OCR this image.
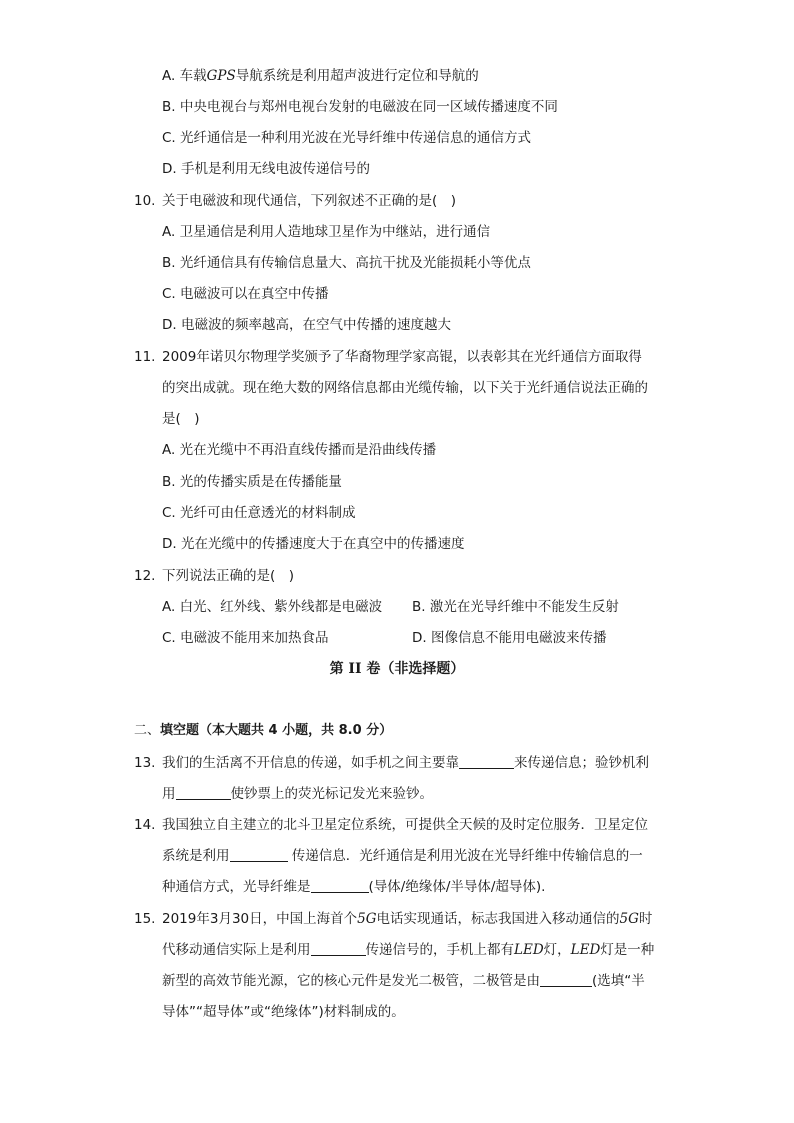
A. 车载GPS导航系统是利用超声波进行定位和导航的
B. 中央电视台与郑州电视台发射的电磁波在同一区域传播速度不同
C. 光纤通信是一种利用光波在光导纤维中传递信息的通信方式
D. 手机是利用无线电波传递信号的
10. 关于电磁波和现代通信，下列叙述不正确的是(　)
A. 卫星通信是利用人造地球卫星作为中继站，进行通信
B. 光纤通信具有传输信息量大、高抗干扰及光能损耗小等优点
C. 电磁波可以在真空中传播
D. 电磁波的频率越高，在空气中传播的速度越大
11. 2009年诺贝尔物理学奖颁予了华裔物理学家高锟，以表彰其在光纤通信方面取得
的突出成就。现在绝大数的网络信息都由光缆传输，以下关于光纤通信说法正确的
是(　)
A. 光在光缆中不再沿直线传播而是沿曲线传播
B. 光的传播实质是在传播能量
C. 光纤可由任意透光的材料制成
D. 光在光缆中的传播速度大于在真空中的传播速度
12. 下列说法正确的是(　)
A. 白光、红外线、紫外线都是电磁波 B. 激光在光导纤维中不能发生反射
C. 电磁波不能用来加热食品	D. 图像信息不能用电磁波来传播
第 II 卷（非选择题）
二、填空题（本大题共 4 小题，共 8.0 分）
13. 我们的生活离不开信息的传递，如手机之间主要靠	来传递信息；验钞机利
用	使钞票上的荧光标记发光来验钞。
14. 我国独立自主建立的北斗卫星定位系统，可提供全天候的及时定位服务．卫星定位
系统是利用	传递信息．光纤通信是利用光波在光导纤维中传输信息的一
种通信方式，光导纤维是	(导体/绝缘体/半导体/超导体).
15. 2019年3月30日，中国上海首个5G电话实现通话，标志我国进入移动通信的5G时
代移动通信实际上是利用	传递信号的，手机上都有LED灯，LED灯是一种
新型的高效节能光源，它的核心元件是发光二极管，二极管是由	(选填“半
导体”“超导体”或“绝缘体”)材料制成的。
